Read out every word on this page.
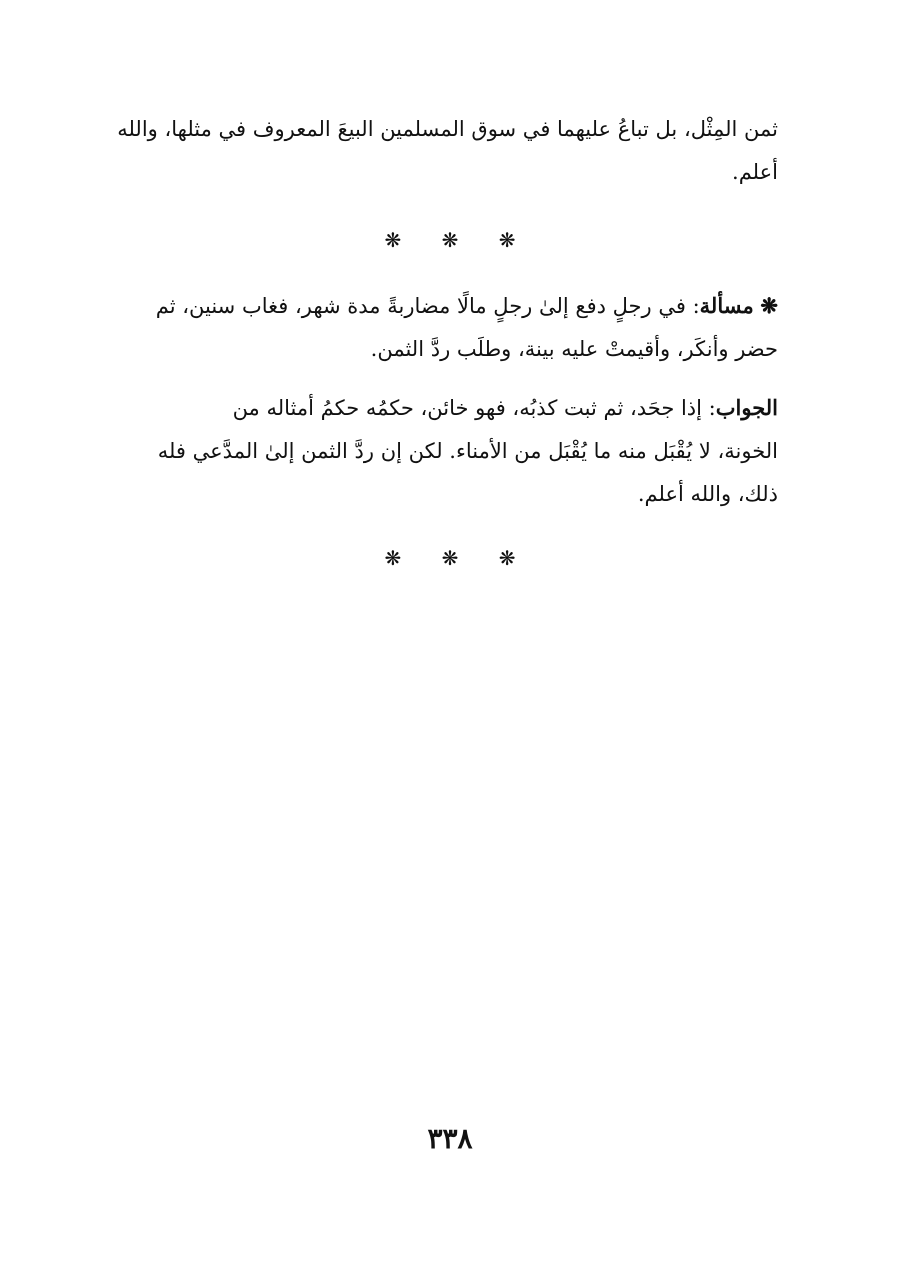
ثمن المِثْل، بل تباعُ عليهما في سوق المسلمين البيعَ المعروف في مثلها، والله
أعلم.
❋ ❋ ❋
❋ مسألة: في رجلٍ دفع إلىٰ رجلٍ مالًا مضاربةً مدة شهر، فغاب سنين، ثم
حضر وأنكَر، وأقيمتْ عليه بينة، وطلَب ردَّ الثمن.
الجواب: إذا جحَد، ثم ثبت كذبُه، فهو خائن، حكمُه حكمُ أمثاله من
الخونة، لا يُقْبَل منه ما يُقْبَل من الأمناء. لكن إن ردَّ الثمن إلىٰ المدَّعي فله
ذلك، والله أعلم.
❋ ❋ ❋
٣٣٨
